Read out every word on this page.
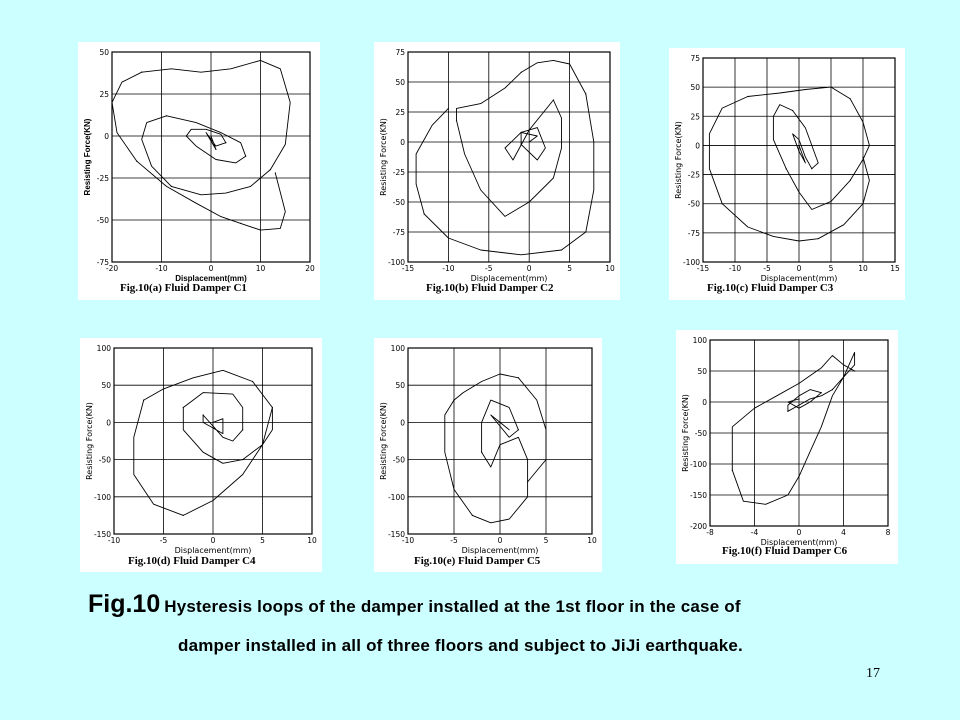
-20	-10	0	10	20
50
25
0
-25
-50
-75
Displacement(mm)
Resisting Force(KN)
Fig.10(a) Fluid Damper C1
-15	-10	-5	0	5	10
75
50
25
0
-25
-50
-75
-100
Displacement(mm)
Resisting Force(KN)
Fig.10(b) Fluid Damper C2
-15	-10	-5	0	5	10	15
75
50
25
0
-25
-50
-75
-100
Displacement(mm)
Resisting Force(KN)
Fig.10(c) Fluid Damper C3
-10	-5	0	5	10
100
50
0
-50
-100
-150
Displacement(mm)
Resisting Force(KN)
Fig.10(d) Fluid Damper C4
-10	-5	0	5	10
100
50
0
-50
-100
-150
Displacement(mm)
Resisting Force(KN)
Fig.10(e) Fluid Damper C5
-8	-4	0	4	8
100
50
0
-50
-100
-150
-200
Displacement(mm)
Resisting Force(KN)
Fig.10(f) Fluid Damper C6
Fig.10 Hysteresis loops of the damper installed at the 1st floor in the case of
damper installed in all of three floors and subject to JiJi earthquake.
17
